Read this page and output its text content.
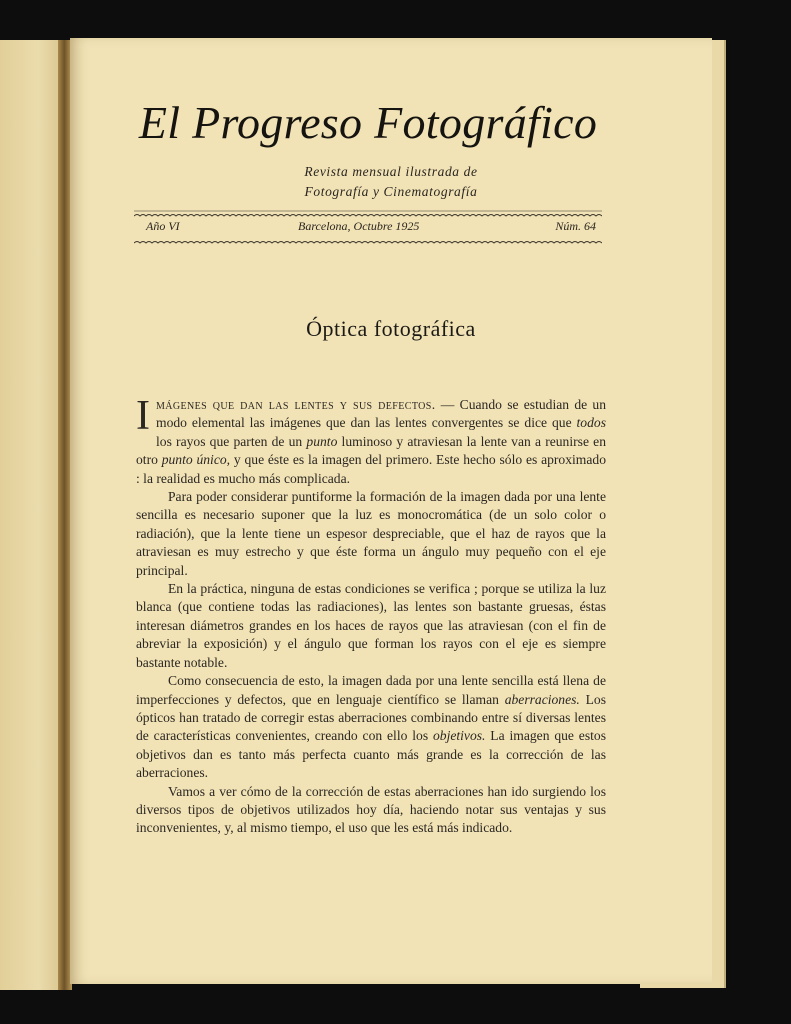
El Progreso Fotográfico
Revista mensual ilustrada de
Fotografía y Cinematografía
Año VI	Barcelona, Octubre 1925	Núm. 64
Óptica fotográfica

Imágenes que dan las lentes y sus defectos. — Cuando se estudian de un modo elemental las imágenes que dan las lentes convergentes se dice que todos los rayos que parten de un punto luminoso y atraviesan la lente van a reunirse en otro punto único, y que éste es la imagen del primero. Este hecho sólo es aproximado : la realidad es mucho más complicada.

Para poder considerar puntiforme la formación de la imagen dada por una lente sencilla es necesario suponer que la luz es monocromática (de un solo color o radiación), que la lente tiene un espesor despreciable, que el haz de rayos que la atraviesan es muy estrecho y que éste forma un ángulo muy pequeño con el eje principal.

En la práctica, ninguna de estas condiciones se verifica ; porque se utiliza la luz blanca (que contiene todas las radiaciones), las lentes son bastante gruesas, éstas interesan diámetros grandes en los haces de rayos que las atraviesan (con el fin de abreviar la exposición) y el ángulo que forman los rayos con el eje es siempre bastante notable.

Como consecuencia de esto, la imagen dada por una lente sencilla está llena de imperfecciones y defectos, que en lenguaje científico se llaman aberraciones. Los ópticos han tratado de corregir estas aberraciones combinando entre sí diversas lentes de características convenientes, creando con ello los objetivos. La imagen que estos objetivos dan es tanto más perfecta cuanto más grande es la corrección de las aberraciones.

Vamos a ver cómo de la corrección de estas aberraciones han ido surgiendo los diversos tipos de objetivos utilizados hoy día, haciendo notar sus ventajas y sus inconvenientes, y, al mismo tiempo, el uso que les está más indicado.
